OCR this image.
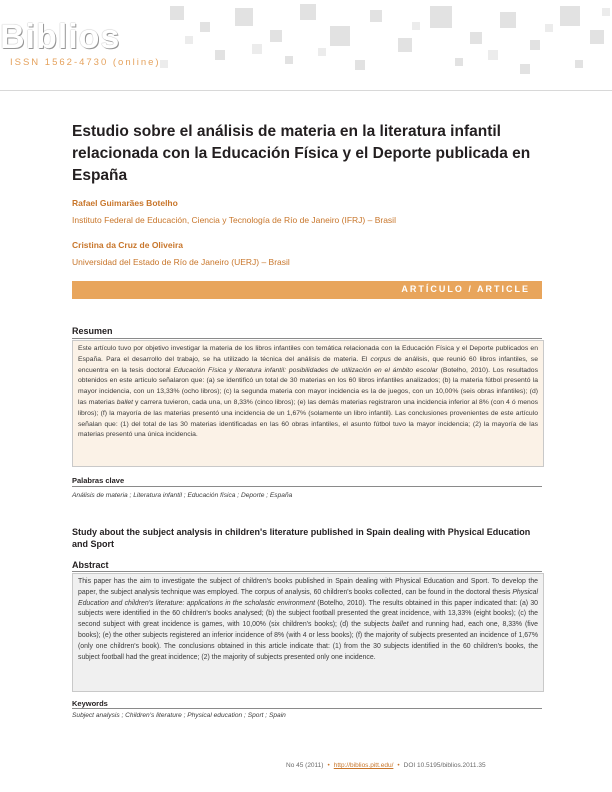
Biblios
ISSN 1562-4730 (online)
Estudio sobre el análisis de materia en la literatura infantil relacionada con la Educación Física y el Deporte publicada en España
Rafael Guimarães Botelho
Instituto Federal de Educación, Ciencia y Tecnología de Río de Janeiro (IFRJ) – Brasil
Cristina da Cruz de Oliveira
Universidad del Estado de Río de Janeiro (UERJ) – Brasil
ARTÍCULO / ARTICLE
Resumen
Este artículo tuvo por objetivo investigar la materia de los libros infantiles con temática relacionada con la Educación Física y el Deporte publicados en España. Para el desarrollo del trabajo, se ha utilizado la técnica del análisis de materia. El corpus de análisis, que reunió 60 libros infantiles, se encuentra en la tesis doctoral Educación Física y literatura infantil: posibilidades de utilización en el ámbito escolar (Botelho, 2010). Los resultados obtenidos en este artículo señalaron que: (a) se identificó un total de 30 materias en los 60 libros infantiles analizados; (b) la materia fútbol presentó la mayor incidencia, con un 13,33% (ocho libros); (c) la segunda materia con mayor incidencia es la de juegos, con un 10,00% (seis obras infantiles); (d) las materias ballet y carrera tuvieron, cada una, un 8,33% (cinco libros); (e) las demás materias registraron una incidencia inferior al 8% (con 4 ó menos libros); (f) la mayoría de las materias presentó una incidencia de un 1,67% (solamente un libro infantil). Las conclusiones provenientes de este artículo señalan que: (1) del total de las 30 materias identificadas en las 60 obras infantiles, el asunto fútbol tuvo la mayor incidencia; (2) la mayoría de las materias presentó una única incidencia.
Palabras clave
Análisis de materia ; Literatura infantil ; Educación física ; Deporte ; España
Study about the subject analysis in children's literature published in Spain dealing with Physical Education and Sport
Abstract
This paper has the aim to investigate the subject of children's books published in Spain dealing with Physical Education and Sport. To develop the paper, the subject analysis technique was employed. The corpus of analysis, 60 children's books collected, can be found in the doctoral thesis Physical Education and children's literature: applications in the scholastic environment (Botelho, 2010). The results obtained in this paper indicated that: (a) 30 subjects were identified in the 60 children's books analysed; (b) the subject football presented the great incidence, with 13,33% (eight books); (c) the second subject with great incidence is games, with 10,00% (six children's books); (d) the subjects ballet and running had, each one, 8,33% (five books); (e) the other subjects registered an inferior incidence of 8% (with 4 or less books); (f) the majority of subjects presented an incidence of 1,67% (only one children's book). The conclusions obtained in this article indicate that: (1) from the 30 subjects identified in the 60 children's books, the subject football had the great incidence; (2) the majority of subjects presented only one incidence.
Keywords
Subject analysis ; Children's literature ; Physical education ; Sport ; Spain
No 45 (2011) • http://biblios.pitt.edu/ • DOI 10.5195/biblios.2011.35
